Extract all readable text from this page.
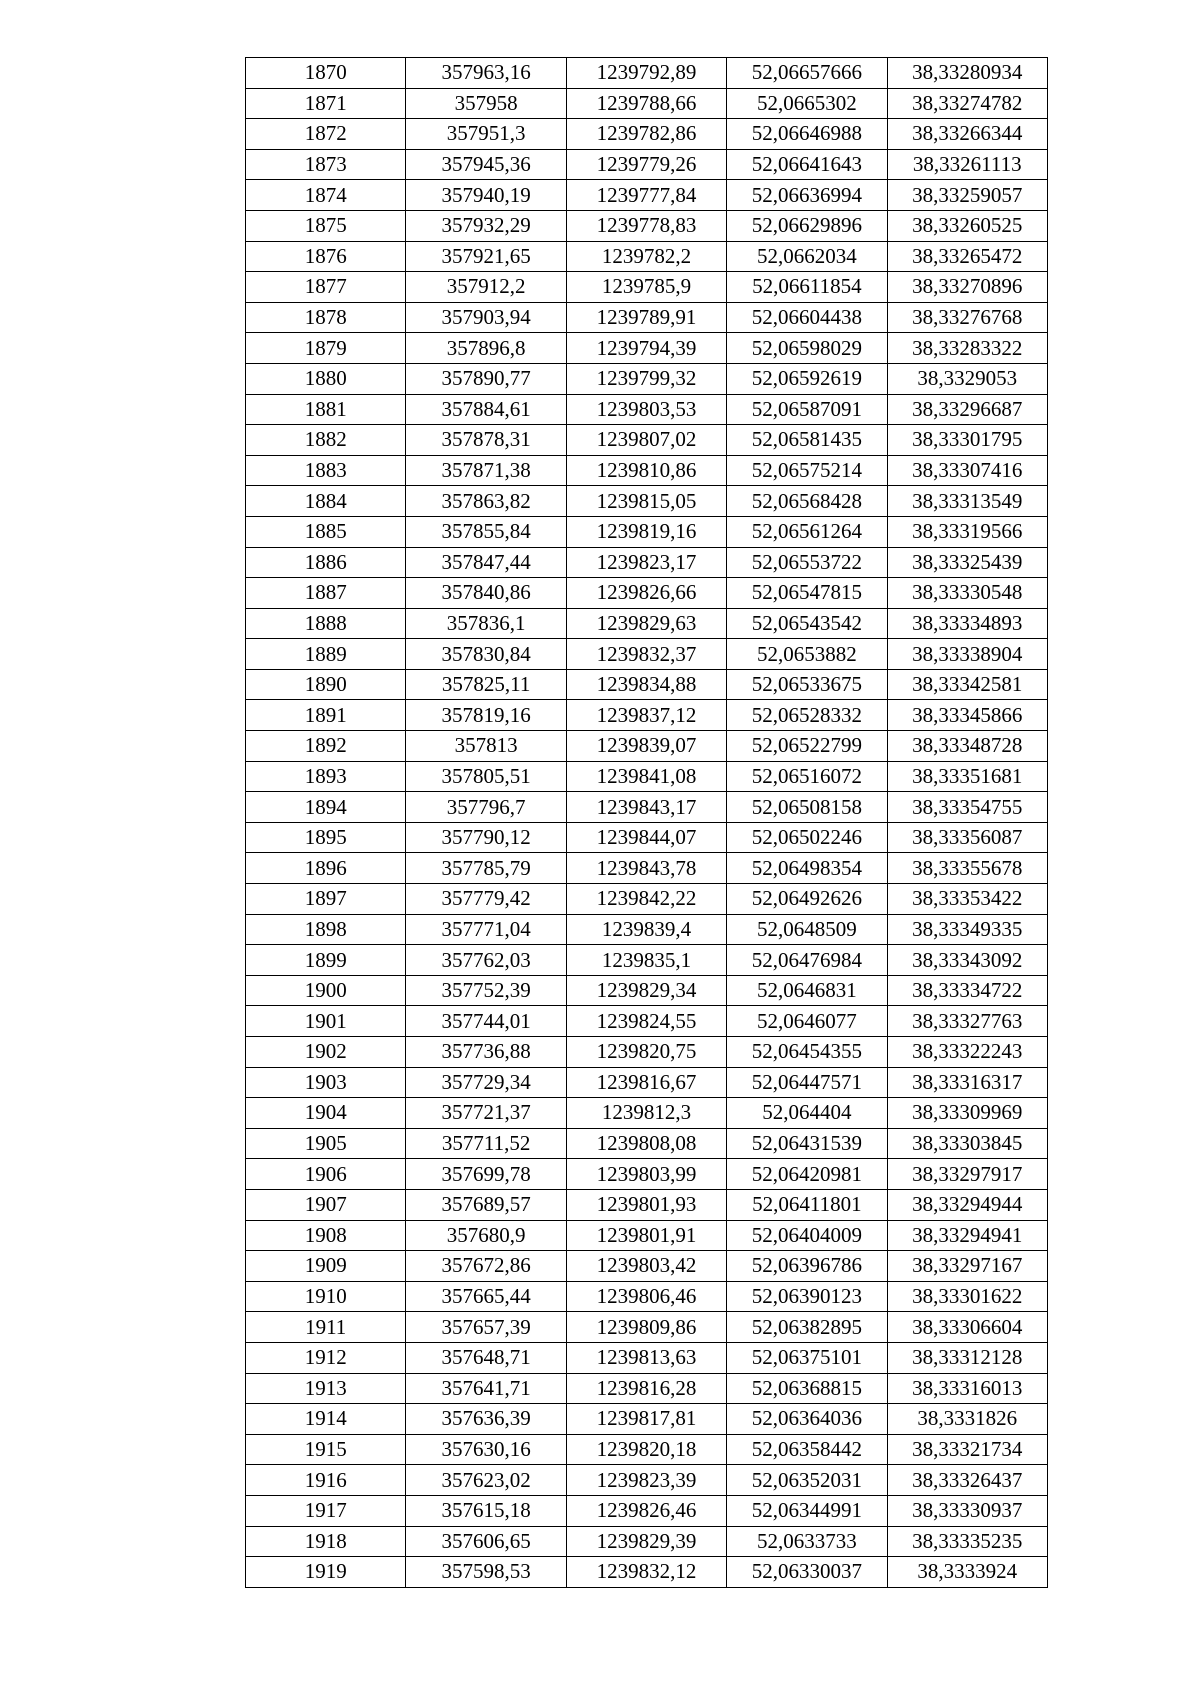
1870	357963,16	1239792,89	52,06657666	38,33280934
1871	357958	1239788,66	52,0665302	38,33274782
1872	357951,3	1239782,86	52,06646988	38,33266344
1873	357945,36	1239779,26	52,06641643	38,33261113
1874	357940,19	1239777,84	52,06636994	38,33259057
1875	357932,29	1239778,83	52,06629896	38,33260525
1876	357921,65	1239782,2	52,0662034	38,33265472
1877	357912,2	1239785,9	52,06611854	38,33270896
1878	357903,94	1239789,91	52,06604438	38,33276768
1879	357896,8	1239794,39	52,06598029	38,33283322
1880	357890,77	1239799,32	52,06592619	38,3329053
1881	357884,61	1239803,53	52,06587091	38,33296687
1882	357878,31	1239807,02	52,06581435	38,33301795
1883	357871,38	1239810,86	52,06575214	38,33307416
1884	357863,82	1239815,05	52,06568428	38,33313549
1885	357855,84	1239819,16	52,06561264	38,33319566
1886	357847,44	1239823,17	52,06553722	38,33325439
1887	357840,86	1239826,66	52,06547815	38,33330548
1888	357836,1	1239829,63	52,06543542	38,33334893
1889	357830,84	1239832,37	52,0653882	38,33338904
1890	357825,11	1239834,88	52,06533675	38,33342581
1891	357819,16	1239837,12	52,06528332	38,33345866
1892	357813	1239839,07	52,06522799	38,33348728
1893	357805,51	1239841,08	52,06516072	38,33351681
1894	357796,7	1239843,17	52,06508158	38,33354755
1895	357790,12	1239844,07	52,06502246	38,33356087
1896	357785,79	1239843,78	52,06498354	38,33355678
1897	357779,42	1239842,22	52,06492626	38,33353422
1898	357771,04	1239839,4	52,0648509	38,33349335
1899	357762,03	1239835,1	52,06476984	38,33343092
1900	357752,39	1239829,34	52,0646831	38,33334722
1901	357744,01	1239824,55	52,0646077	38,33327763
1902	357736,88	1239820,75	52,06454355	38,33322243
1903	357729,34	1239816,67	52,06447571	38,33316317
1904	357721,37	1239812,3	52,064404	38,33309969
1905	357711,52	1239808,08	52,06431539	38,33303845
1906	357699,78	1239803,99	52,06420981	38,33297917
1907	357689,57	1239801,93	52,06411801	38,33294944
1908	357680,9	1239801,91	52,06404009	38,33294941
1909	357672,86	1239803,42	52,06396786	38,33297167
1910	357665,44	1239806,46	52,06390123	38,33301622
1911	357657,39	1239809,86	52,06382895	38,33306604
1912	357648,71	1239813,63	52,06375101	38,33312128
1913	357641,71	1239816,28	52,06368815	38,33316013
1914	357636,39	1239817,81	52,06364036	38,3331826
1915	357630,16	1239820,18	52,06358442	38,33321734
1916	357623,02	1239823,39	52,06352031	38,33326437
1917	357615,18	1239826,46	52,06344991	38,33330937
1918	357606,65	1239829,39	52,0633733	38,33335235
1919	357598,53	1239832,12	52,06330037	38,3333924
